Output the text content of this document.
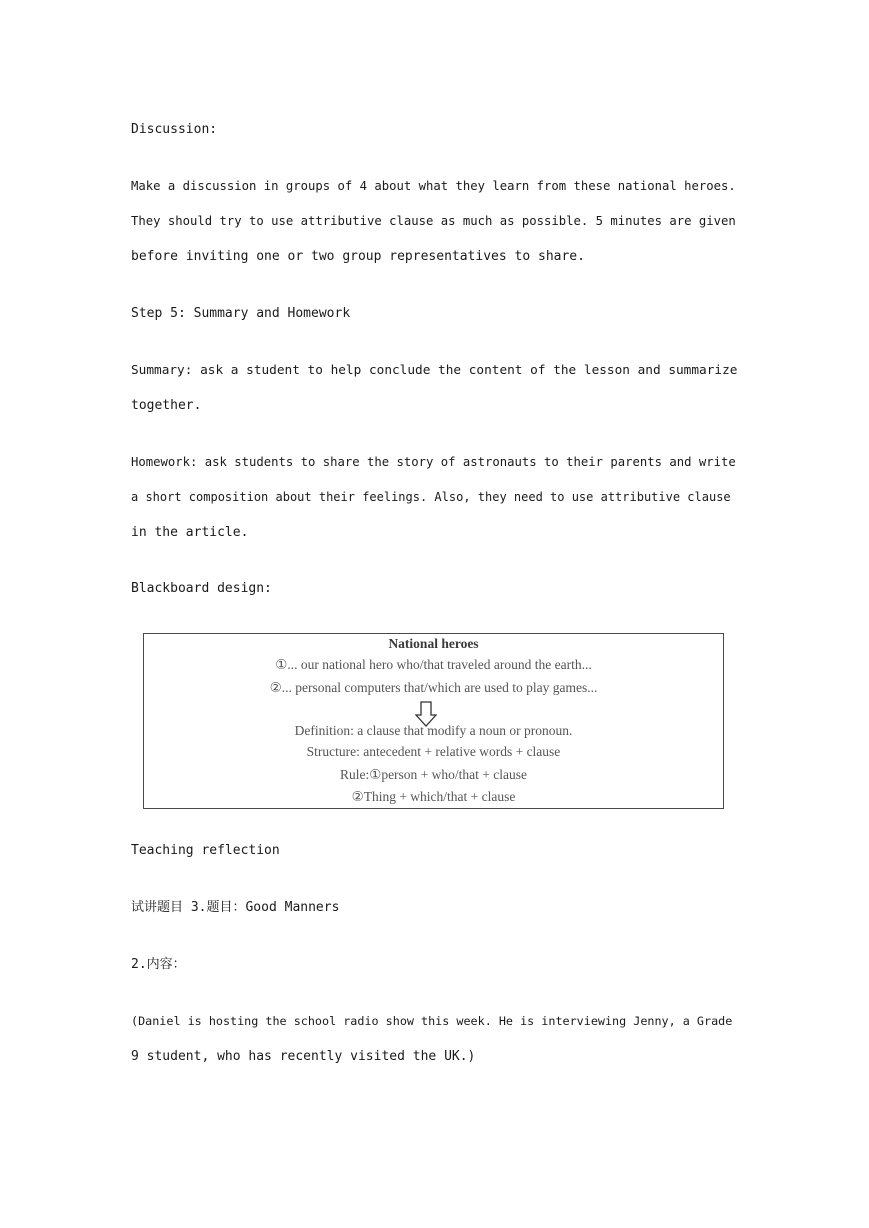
Discussion:
Make a discussion in groups of 4 about what they learn from these national heroes.
They should try to use attributive clause as much as possible. 5 minutes are given
before inviting one or two group representatives to share.
Step 5: Summary and Homework
Summary: ask a student to help conclude the content of the lesson and summarize
together.
Homework: ask students to share the story of astronauts to their parents and write
a short composition about their feelings. Also, they need to use attributive clause
in the article.
Blackboard design:
National heroes
①... our national hero who/that traveled around the earth...
②... personal computers that/which are used to play games...
Definition: a clause that modify a noun or pronoun.
Structure: antecedent + relative words + clause
Rule:①person + who/that + clause
②Thing + which/that + clause
Teaching reflection
试讲题目 3.题目：Good Manners
2.内容：
(Daniel is hosting the school radio show this week. He is interviewing Jenny, a Grade
9 student, who has recently visited the UK.)
